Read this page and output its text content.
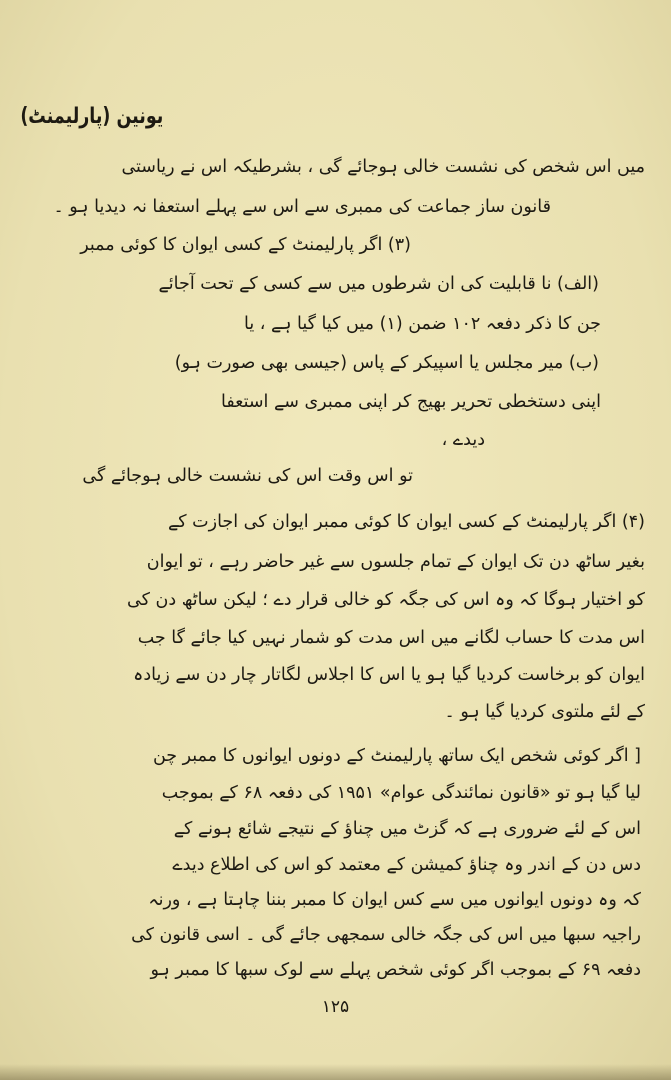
یونین (پارلیمنٹ)
میں اس شخص کی نشست خالی ہوجائے گی ، بشرطیکہ اس نے ریاستی
قانون ساز جماعت کی ممبری سے اس سے پہلے استعفا نہ دیدیا ہو ۔
(۳) اگر پارلیمنٹ کے کسی ایوان کا کوئی ممبر
(الف) نا قابلیت کی ان شرطوں میں سے کسی کے تحت آجائے
جن کا ذکر دفعہ ۱۰۲ ضمن (۱) میں کیا گیا ہے ، یا
(ب) میر مجلس یا اسپیکر کے پاس (جیسی بھی صورت ہو)
اپنی دستخطی تحریر بھیج کر اپنی ممبری سے استعفا
دیدے ،
تو اس وقت اس کی نشست خالی ہوجائے گی
(۴) اگر پارلیمنٹ کے کسی ایوان کا کوئی ممبر ایوان کی اجازت کے
بغیر ساٹھ دن تک ایوان کے تمام جلسوں سے غیر حاضر رہے ، تو ایوان
کو اختیار ہوگا کہ وہ اس کی جگہ کو خالی قرار دے ؛ لیکن ساٹھ دن کی
اس مدت کا حساب لگانے میں اس مدت کو شمار نہیں کیا جائے گا جب
ایوان کو برخاست کردیا گیا ہو یا اس کا اجلاس لگاتار چار دن سے زیادہ
کے لئے ملتوی کردیا گیا ہو ۔
[ اگر کوئی شخص ایک ساتھ پارلیمنٹ کے دونوں ایوانوں کا ممبر چن
لیا گیا ہو تو «قانون نمائندگی عوام» ۱۹۵۱ کی دفعہ ۶۸ کے بموجب
اس کے لئے ضروری ہے کہ گزٹ میں چناؤ کے نتیجے شائع ہونے کے
دس دن کے اندر وہ چناؤ کمیشن کے معتمد کو اس کی اطلاع دیدے
کہ وہ دونوں ایوانوں میں سے کس ایوان کا ممبر بننا چاہتا ہے ، ورنہ
راجیہ سبھا میں اس کی جگہ خالی سمجھی جائے گی ۔ اسی قانون کی
دفعہ ۶۹ کے بموجب اگر کوئی شخص پہلے سے لوک سبھا کا ممبر ہو
۱۲۵
